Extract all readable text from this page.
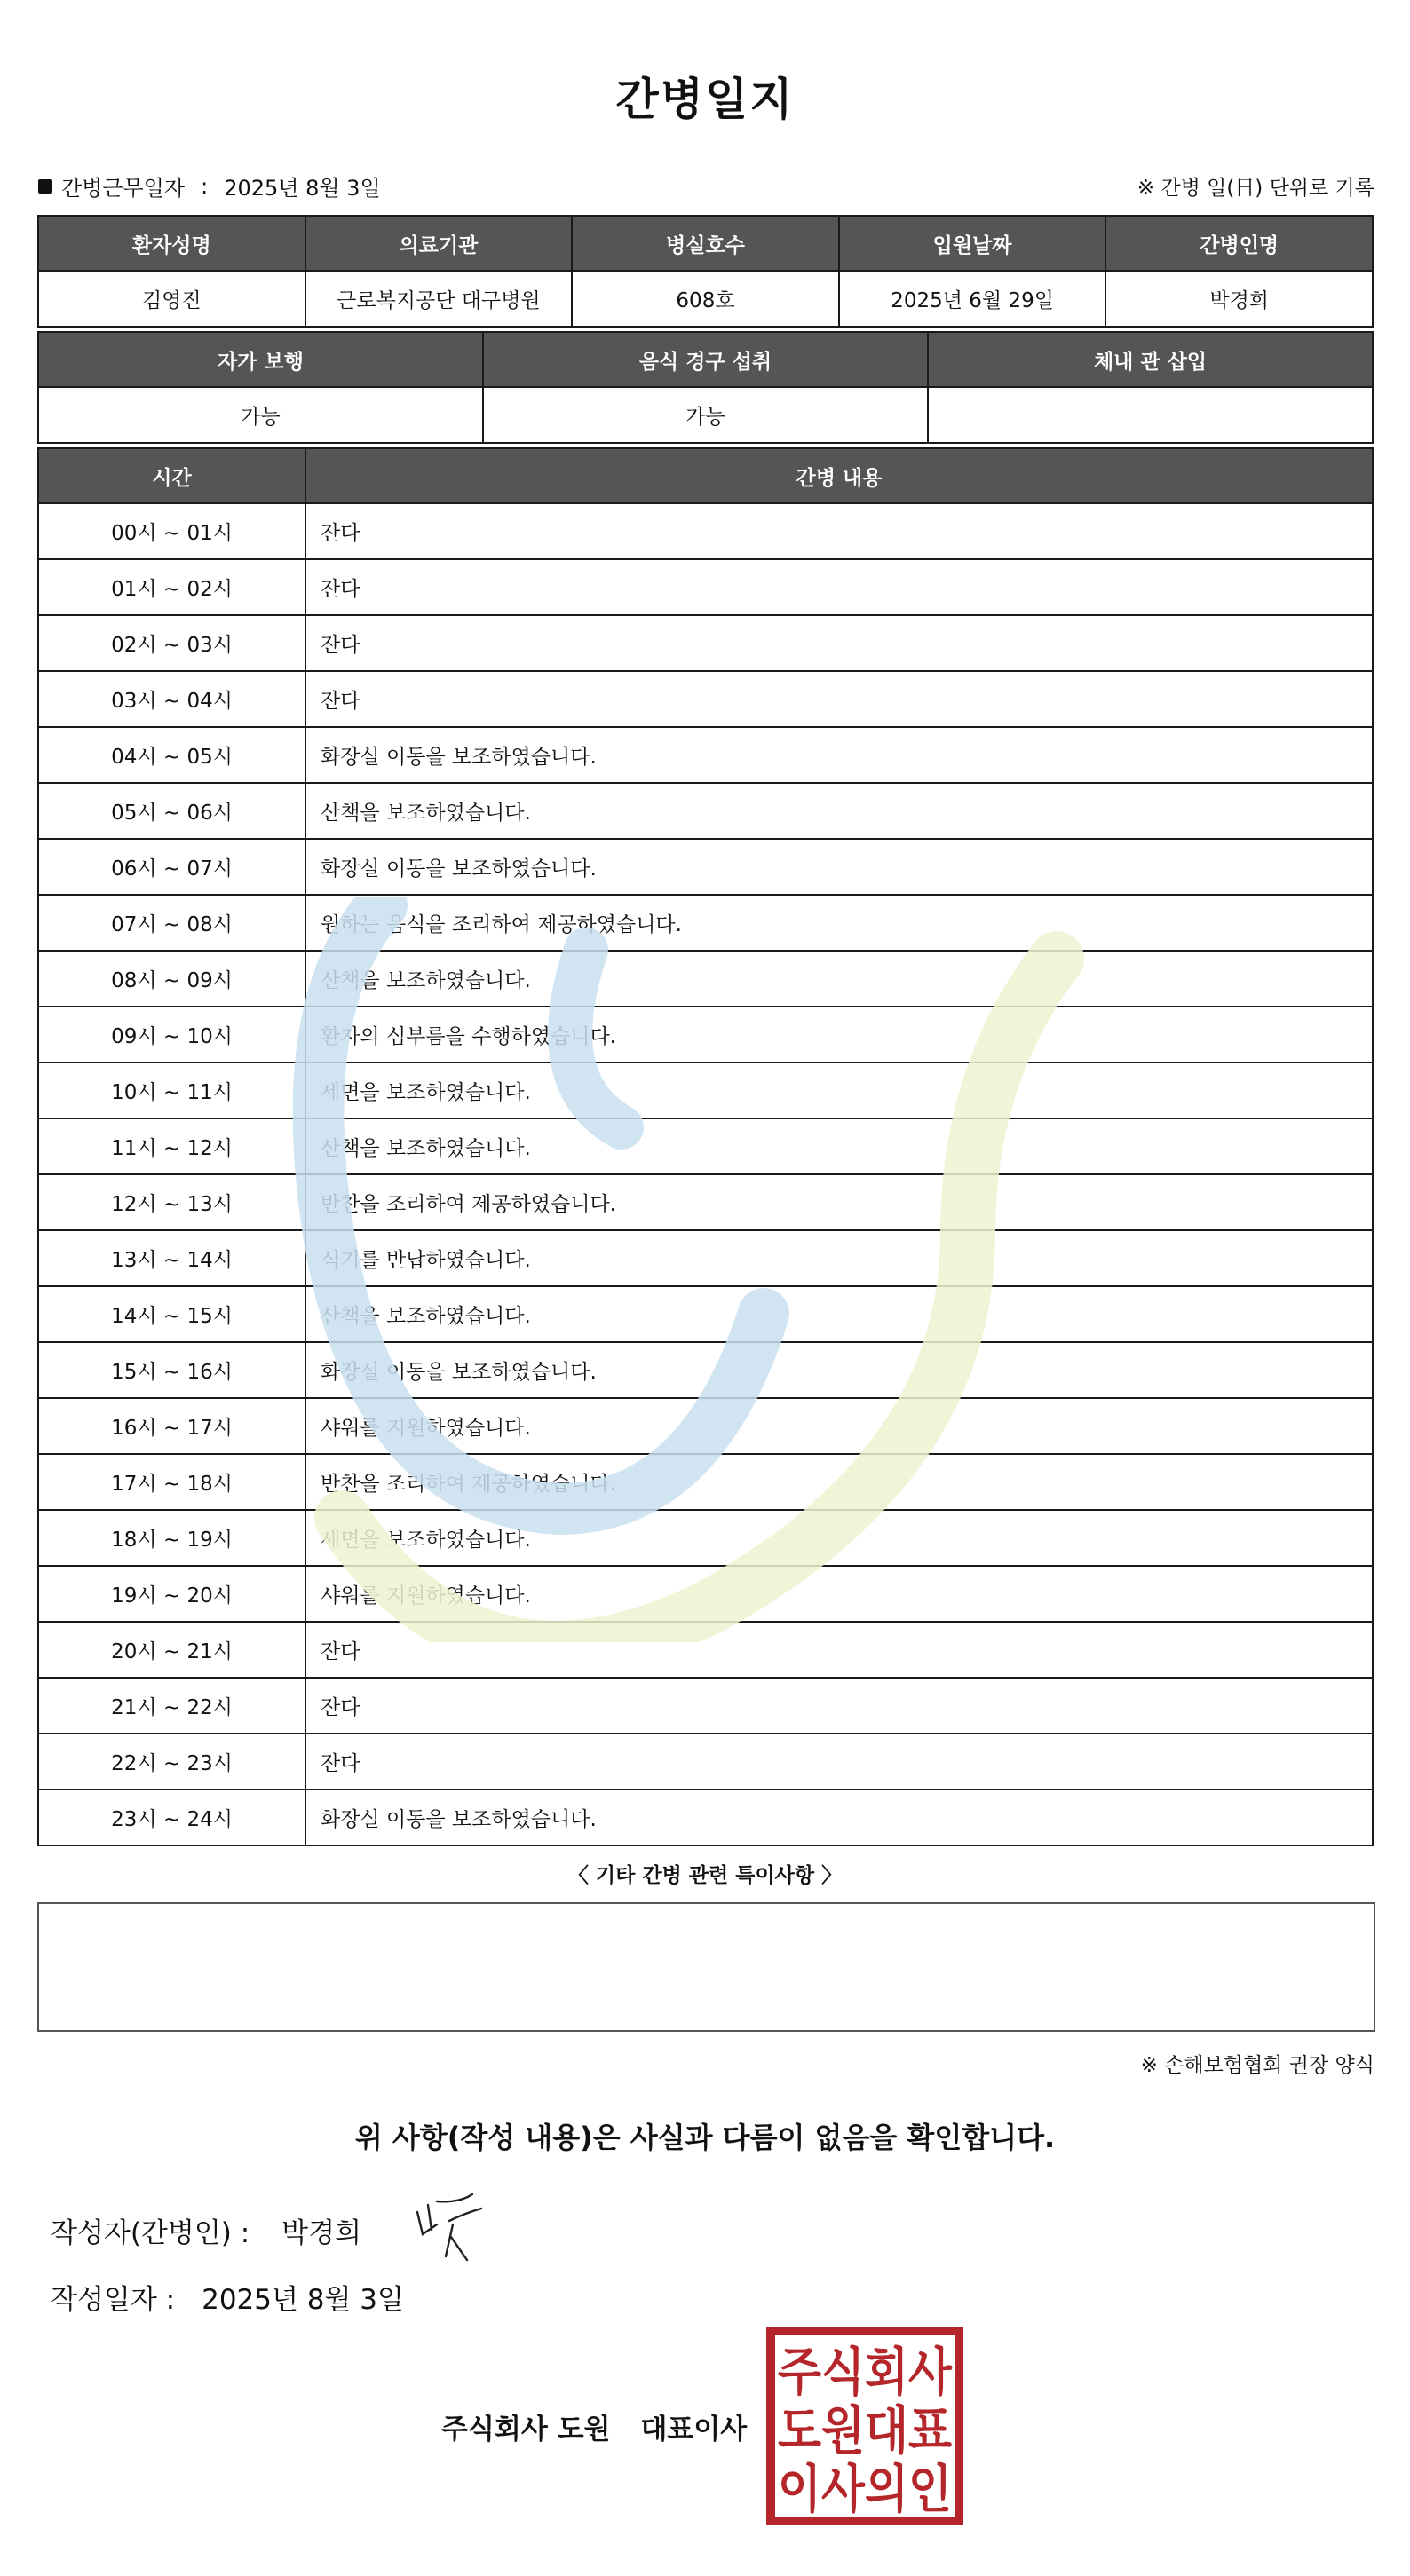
간병일지
간병근무일자 : 2025년 8월 3일	※ 간병 일(日) 단위로 기록
환자성명	의료기관	병실호수	입원날짜	간병인명
김영진	근로복지공단 대구병원	608호	2025년 6월 29일	박경희
자가 보행	음식 경구 섭취	체내 관 삽입
가능	가능	
시간	간병 내용
00시 ~ 01시	잔다
01시 ~ 02시	잔다
02시 ~ 03시	잔다
03시 ~ 04시	잔다
04시 ~ 05시	화장실 이동을 보조하였습니다.
05시 ~ 06시	산책을 보조하였습니다.
06시 ~ 07시	화장실 이동을 보조하였습니다.
07시 ~ 08시	원하는 음식을 조리하여 제공하였습니다.
08시 ~ 09시	산책을 보조하였습니다.
09시 ~ 10시	환자의 심부름을 수행하였습니다.
10시 ~ 11시	세면을 보조하였습니다.
11시 ~ 12시	산책을 보조하였습니다.
12시 ~ 13시	반찬을 조리하여 제공하였습니다.
13시 ~ 14시	식기를 반납하였습니다.
14시 ~ 15시	산책을 보조하였습니다.
15시 ~ 16시	화장실 이동을 보조하였습니다.
16시 ~ 17시	샤워를 지원하였습니다.
17시 ~ 18시	반찬을 조리하여 제공하였습니다.
18시 ~ 19시	세면을 보조하였습니다.
19시 ~ 20시	샤워를 지원하였습니다.
20시 ~ 21시	잔다
21시 ~ 22시	잔다
22시 ~ 23시	잔다
23시 ~ 24시	화장실 이동을 보조하였습니다.
〈 기타 간병 관련 특이사항 〉
※ 손해보험협회 권장 양식
위 사항(작성 내용)은 사실과 다름이 없음을 확인합니다.
작성자(간병인) : 박경희
작성일자 : 2025년 8월 3일
주식회사 도원 대표이사
주식회사
도원대표
이사의인
